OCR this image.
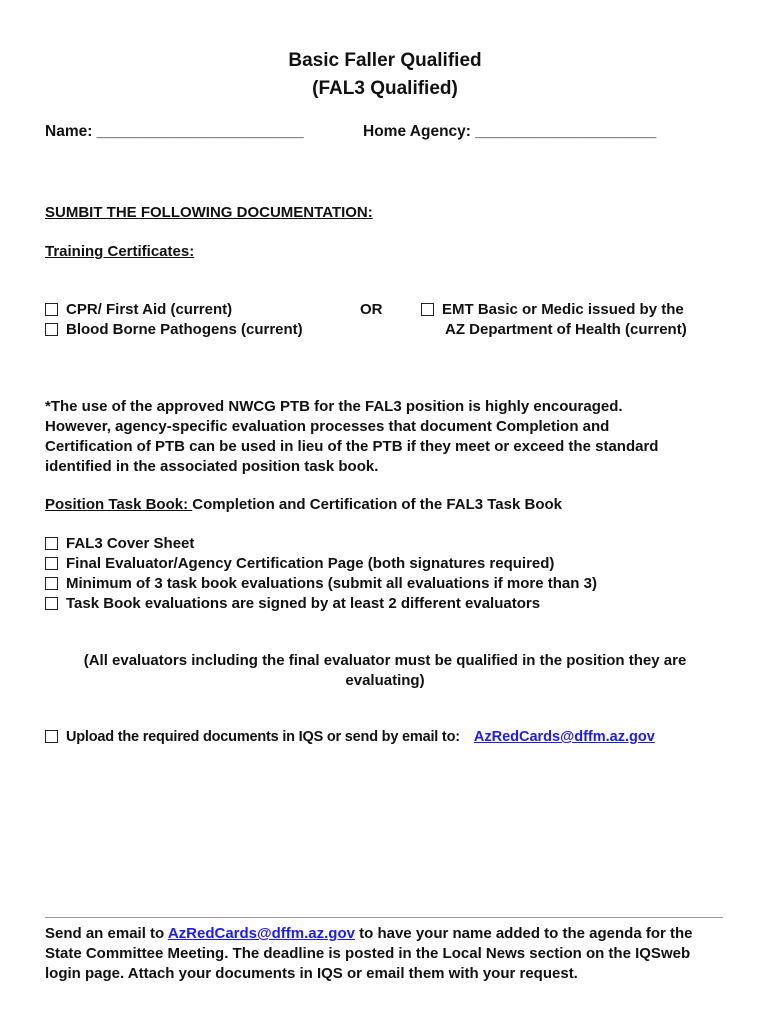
Basic Faller Qualified
(FAL3 Qualified)
Name: ________________________	Home Agency: _____________________
SUMBIT THE FOLLOWING DOCUMENTATION:
Training Certificates:
CPR/ First Aid (current)
Blood Borne Pathogens (current)
OR	EMT Basic or Medic issued by the
AZ Department of Health (current)
*The use of the approved NWCG PTB for the FAL3 position is highly encouraged.
However, agency-specific evaluation processes that document Completion and
Certification of PTB can be used in lieu of the PTB if they meet or exceed the standard
identified in the associated position task book.
Position Task Book: Completion and Certification of the FAL3 Task Book
FAL3 Cover Sheet
Final Evaluator/Agency Certification Page (both signatures required)
Minimum of 3 task book evaluations (submit all evaluations if more than 3)
Task Book evaluations are signed by at least 2 different evaluators
(All evaluators including the final evaluator must be qualified in the position they are
evaluating)
Upload the required documents in IQS or send by email to: AzRedCards@dffm.az.gov
Send an email to AzRedCards@dffm.az.gov to have your name added to the agenda for the
State Committee Meeting. The deadline is posted in the Local News section on the IQSweb
login page. Attach your documents in IQS or email them with your request.
